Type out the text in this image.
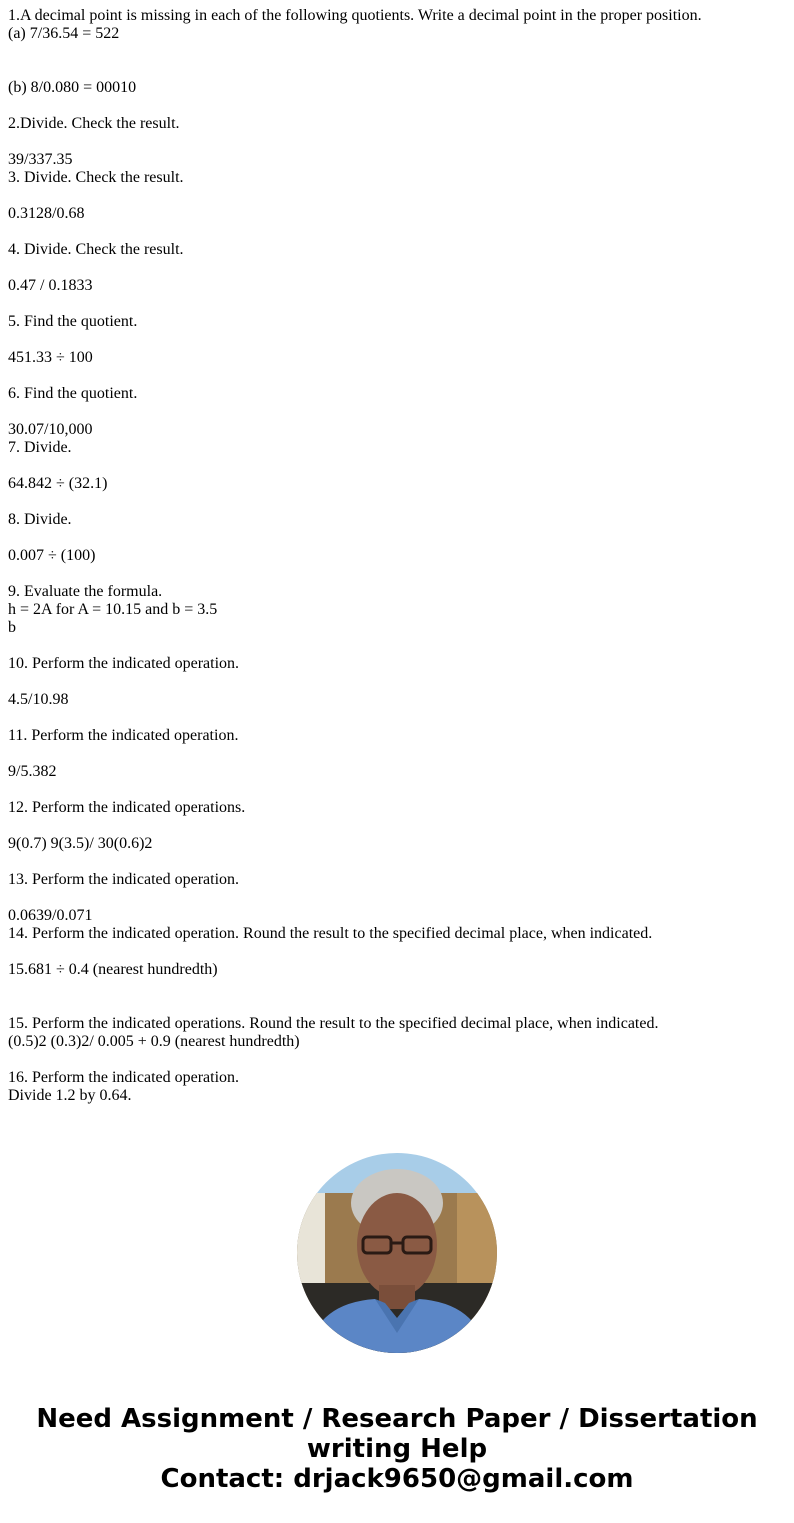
1.A decimal point is missing in each of the following quotients. Write a decimal point in the proper position.
(a) 7/36.54 = 522
(b) 8/0.080 = 00010
2.Divide. Check the result.
39/337.35
3. Divide. Check the result.
0.3128/0.68
4. Divide. Check the result.
0.47 / 0.1833
5. Find the quotient.
451.33 ÷ 100
6. Find the quotient.
30.07/10,000
7. Divide.
64.842 ÷ (32.1)
8. Divide.
0.007 ÷ (100)
9. Evaluate the formula.
h = 2A for A = 10.15 and b = 3.5
b
10. Perform the indicated operation.
4.5/10.98
11. Perform the indicated operation.
9/5.382
12. Perform the indicated operations.
9(0.7) 9(3.5)/ 30(0.6)2
13. Perform the indicated operation.
0.0639/0.071
14. Perform the indicated operation. Round the result to the specified decimal place, when indicated.
15.681 ÷ 0.4 (nearest hundredth)
15. Perform the indicated operations. Round the result to the specified decimal place, when indicated.
(0.5)2 (0.3)2/ 0.005 + 0.9 (nearest hundredth)
16. Perform the indicated operation.
Divide 1.2 by 0.64.
Need Assignment / Research Paper / Dissertation
writing Help
Contact: drjack9650@gmail.com
